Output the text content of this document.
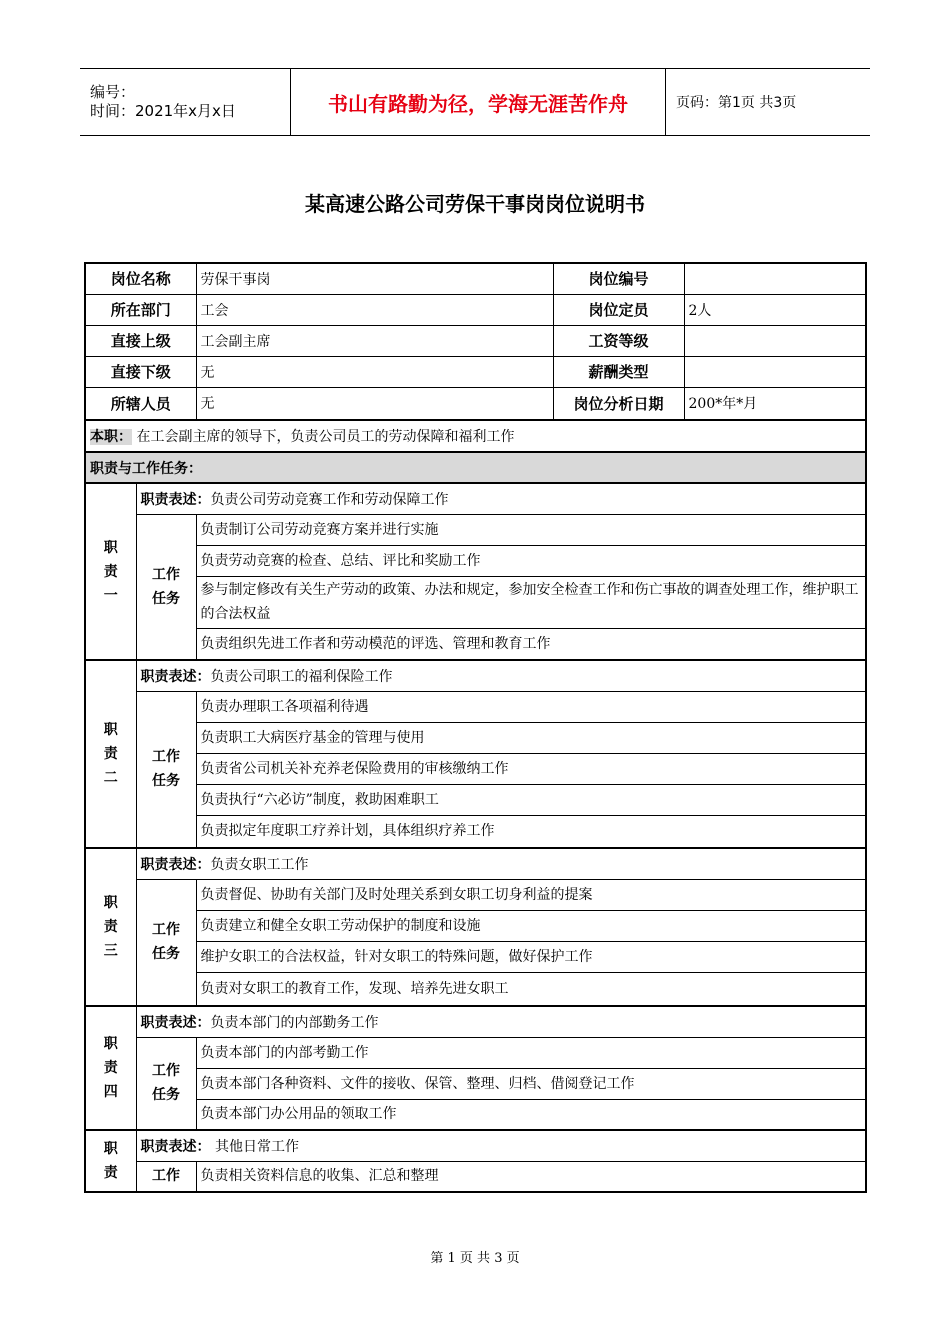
编号：
时间：2021年x月x日	书山有路勤为径，学海无涯苦作舟	页码：第1页 共3页
某高速公路公司劳保干事岗岗位说明书
岗位名称		劳保干事岗	岗位编号	
所在部门		工会	岗位定员	2人
直接上级		工会副主席	工资等级	
直接下级		无	薪酬类型	
所辖人员		无	岗位分析日期	200*年*月
本职： 在工会副主席的领导下，负责公司员工的劳动保障和福利工作				
职责与工作任务：				

职
责
一	职责表述：负责公司劳动竞赛工作和劳动保障工作			

	工作
任务	负责制订公司劳动竞赛方案并进行实施		
		负责劳动竞赛的检查、总结、评比和奖励工作		
		参与制定修改有关生产劳动的政策、办法和规定，参加安全检查工作和伤亡事故的调查处理工作，维护职工的合法权益		
		负责组织先进工作者和劳动模范的评选、管理和教育工作		

职
责
二	职责表述：负责公司职工的福利保险工作			

	工作
任务	负责办理职工各项福利待遇		
		负责职工大病医疗基金的管理与使用		
		负责省公司机关补充养老保险费用的审核缴纳工作		
		负责执行“六必访”制度，救助困难职工		
		负责拟定年度职工疗养计划，具体组织疗养工作		

职
责
三	职责表述：负责女职工工作			

	工作
任务	负责督促、协助有关部门及时处理关系到女职工切身利益的提案		
		负责建立和健全女职工劳动保护的制度和设施		
		维护女职工的合法权益，针对女职工的特殊问题，做好保护工作		
		负责对女职工的教育工作，发现、培养先进女职工		

职
责
四	职责表述：负责本部门的内部勤务工作			

	工作
任务	负责本部门的内部考勤工作		
		负责本部门各种资料、文件的接收、保管、整理、归档、借阅登记工作		
		负责本部门办公用品的领取工作		

职
责	职责表述： 其他日常工作			

	工作	负责相关资料信息的收集、汇总和整理		
第 1 页 共 3 页
